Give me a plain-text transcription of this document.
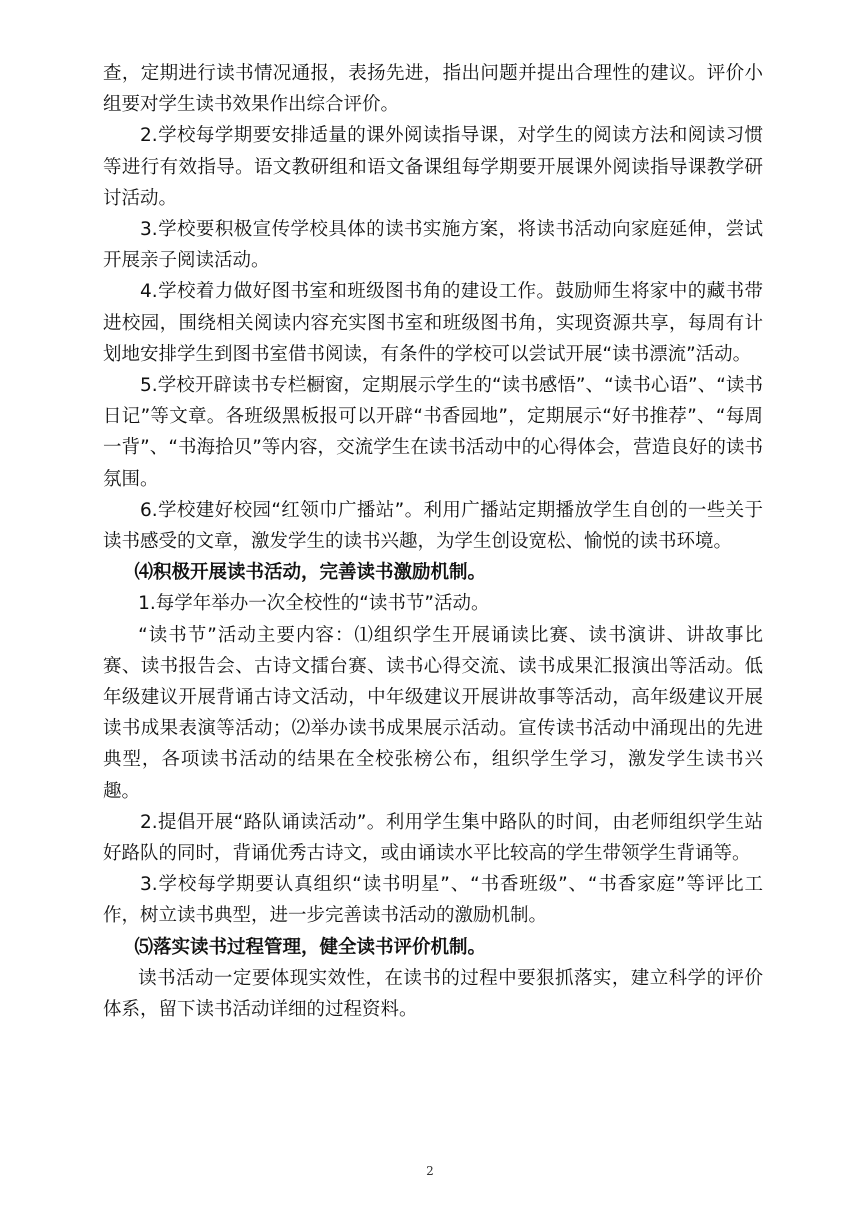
查，定期进行读书情况通报，表扬先进，指出问题并提出合理性的建议。评价小组要对学生读书效果作出综合评价。

2.学校每学期要安排适量的课外阅读指导课，对学生的阅读方法和阅读习惯等进行有效指导。语文教研组和语文备课组每学期要开展课外阅读指导课教学研讨活动。

3.学校要积极宣传学校具体的读书实施方案，将读书活动向家庭延伸，尝试开展亲子阅读活动。

4.学校着力做好图书室和班级图书角的建设工作。鼓励师生将家中的藏书带进校园，围绕相关阅读内容充实图书室和班级图书角，实现资源共享，每周有计划地安排学生到图书室借书阅读，有条件的学校可以尝试开展“读书漂流”活动。

5.学校开辟读书专栏橱窗，定期展示学生的“读书感悟”、“读书心语”、“读书日记”等文章。各班级黑板报可以开辟“书香园地”，定期展示“好书推荐”、“每周一背”、“书海拾贝”等内容，交流学生在读书活动中的心得体会，营造良好的读书氛围。

6.学校建好校园“红领巾广播站”。利用广播站定期播放学生自创的一些关于读书感受的文章，激发学生的读书兴趣，为学生创设宽松、愉悦的读书环境。

⑷积极开展读书活动，完善读书激励机制。

1.每学年举办一次全校性的“读书节”活动。

“读书节”活动主要内容：⑴组织学生开展诵读比赛、读书演讲、讲故事比赛、读书报告会、古诗文擂台赛、读书心得交流、读书成果汇报演出等活动。低年级建议开展背诵古诗文活动，中年级建议开展讲故事等活动，高年级建议开展读书成果表演等活动；⑵举办读书成果展示活动。宣传读书活动中涌现出的先进典型，各项读书活动的结果在全校张榜公布，组织学生学习，激发学生读书兴趣。

2.提倡开展“路队诵读活动”。利用学生集中路队的时间，由老师组织学生站好路队的同时，背诵优秀古诗文，或由诵读水平比较高的学生带领学生背诵等。

3.学校每学期要认真组织“读书明星”、“书香班级”、“书香家庭”等评比工作，树立读书典型，进一步完善读书活动的激励机制。

⑸落实读书过程管理，健全读书评价机制。

读书活动一定要体现实效性，在读书的过程中要狠抓落实，建立科学的评价体系，留下读书活动详细的过程资料。

2
